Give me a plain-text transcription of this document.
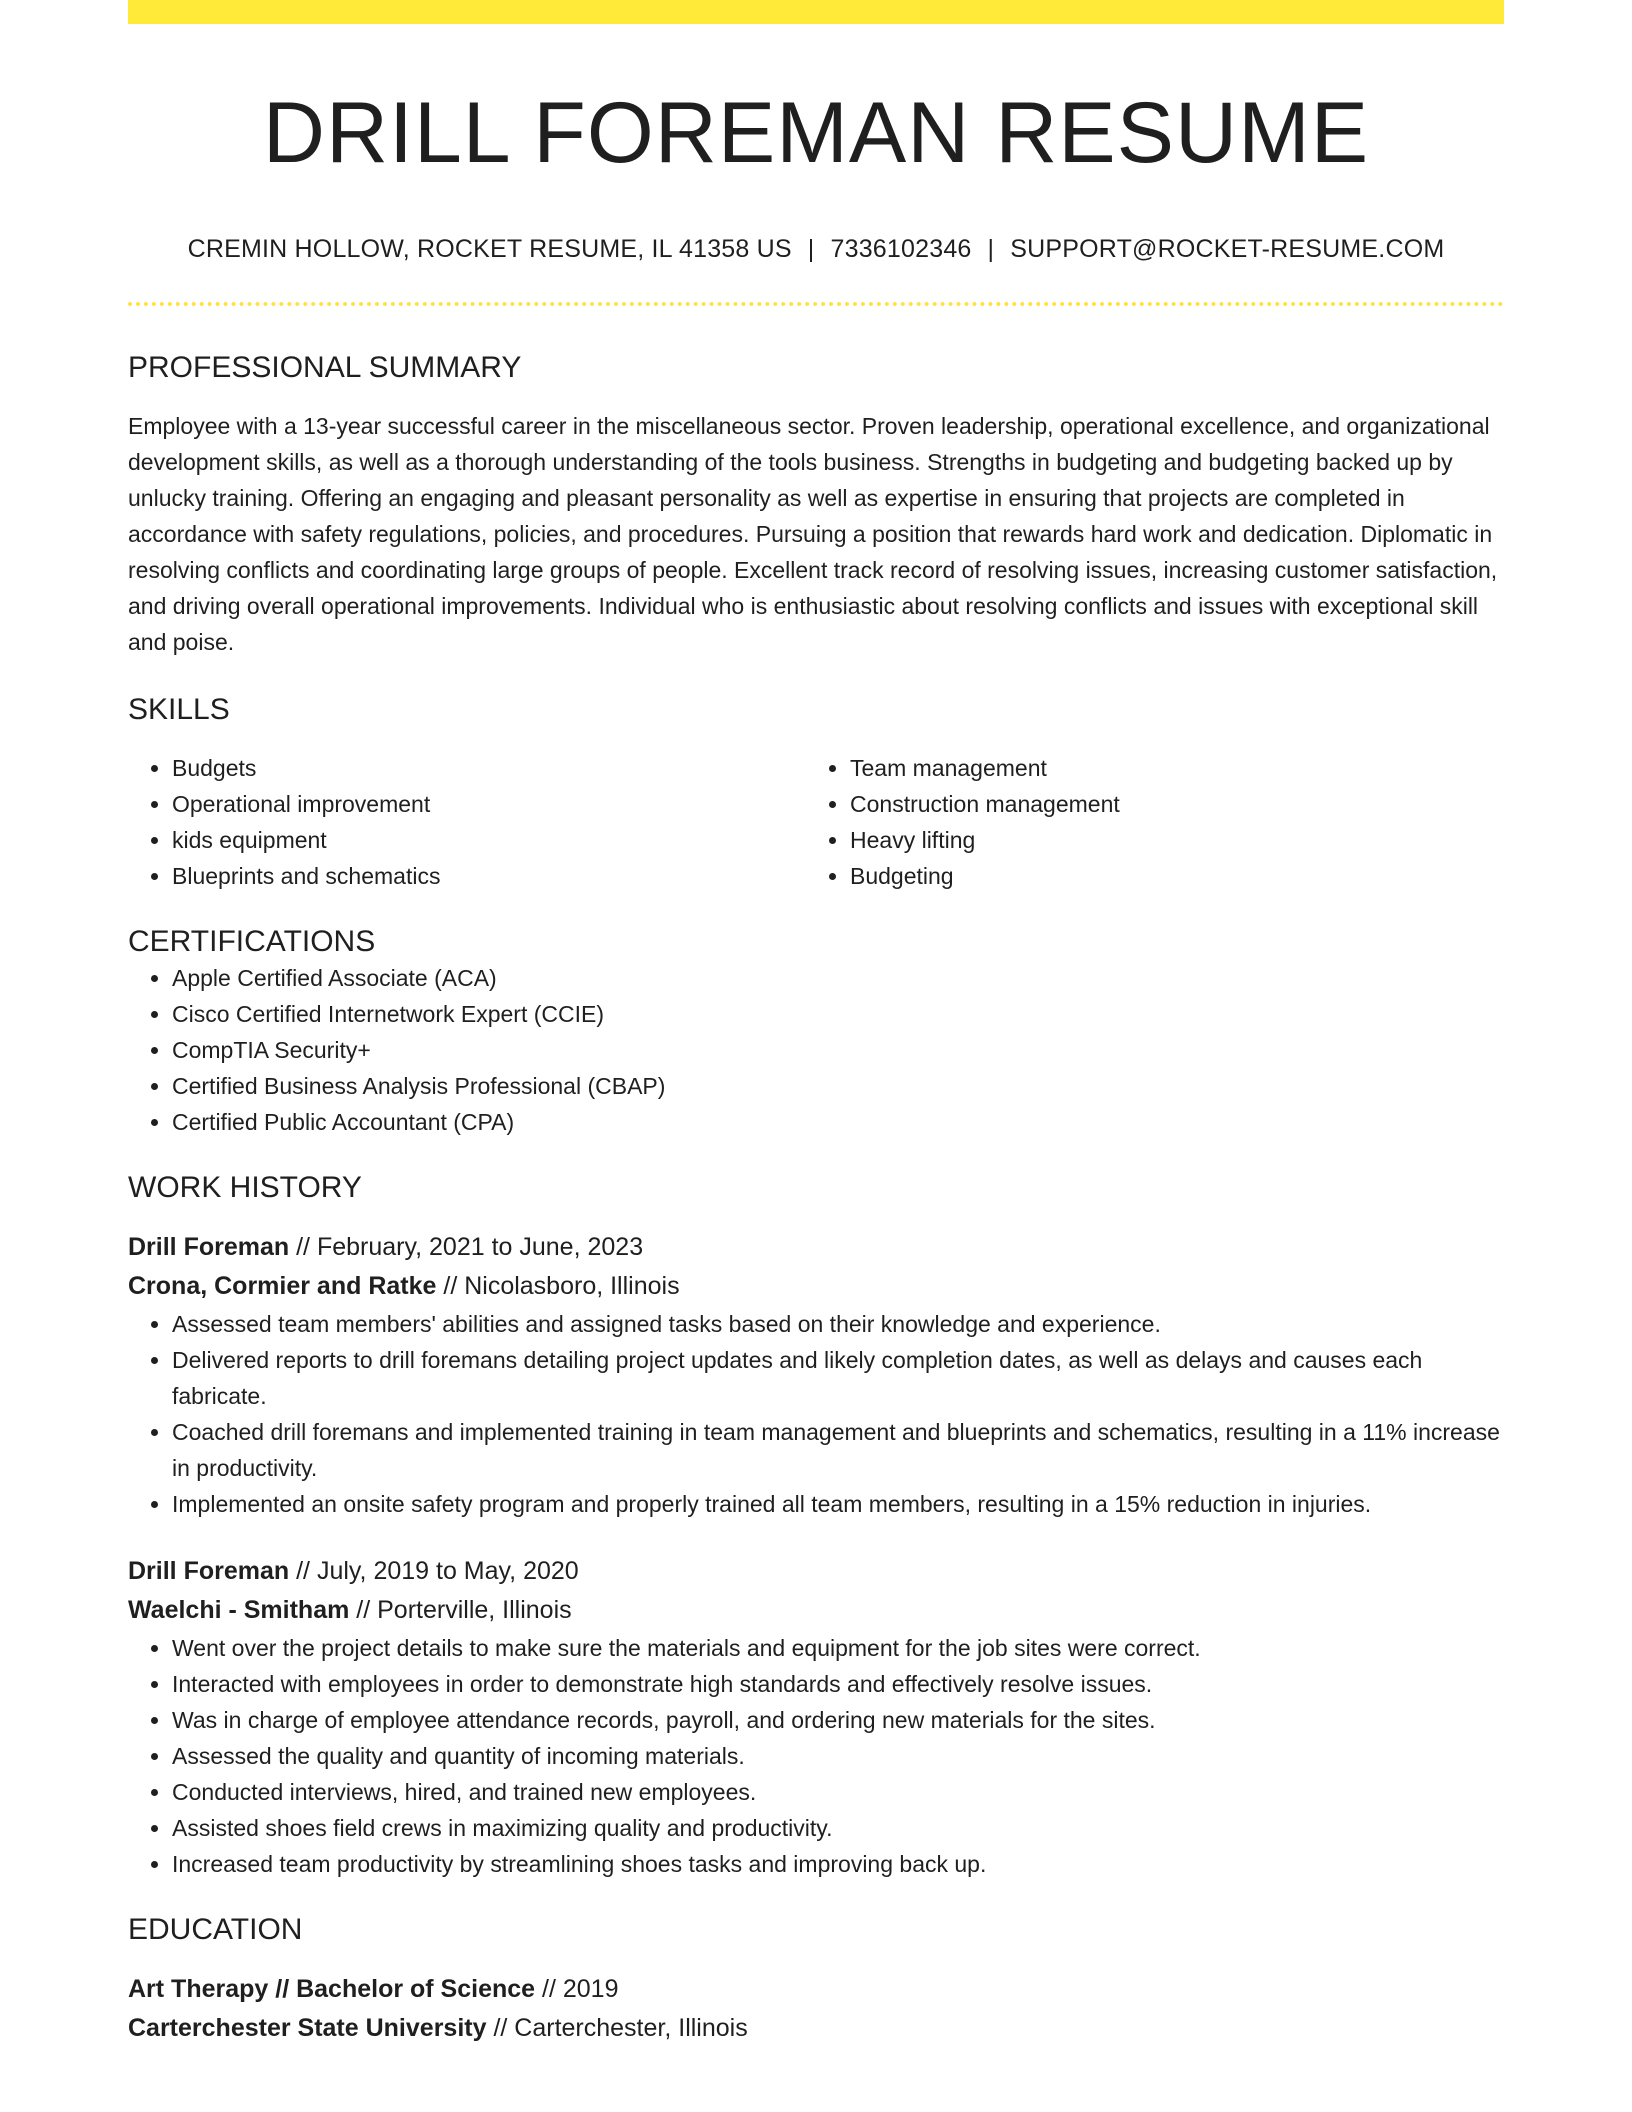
DRILL FOREMAN RESUME
CREMIN HOLLOW, ROCKET RESUME, IL 41358 US | 7336102346 | SUPPORT@ROCKET-RESUME.COM
PROFESSIONAL SUMMARY

Employee with a 13-year successful career in the miscellaneous sector. Proven leadership, operational excellence, and organizational development skills, as well as a thorough understanding of the tools business. Strengths in budgeting and budgeting backed up by unlucky training. Offering an engaging and pleasant personality as well as expertise in ensuring that projects are completed in accordance with safety regulations, policies, and procedures. Pursuing a position that rewards hard work and dedication. Diplomatic in resolving conflicts and coordinating large groups of people. Excellent track record of resolving issues, increasing customer satisfaction, and driving overall operational improvements. Individual who is enthusiastic about resolving conflicts and issues with exceptional skill and poise.

SKILLS
• Budgets
• Operational improvement
• kids equipment
• Blueprints and schematics
• Team management
• Construction management
• Heavy lifting
• Budgeting
CERTIFICATIONS
• Apple Certified Associate (ACA)
• Cisco Certified Internetwork Expert (CCIE)
• CompTIA Security+
• Certified Business Analysis Professional (CBAP)
• Certified Public Accountant (CPA)
WORK HISTORY
Drill Foreman // February, 2021 to June, 2023
Crona, Cormier and Ratke // Nicolasboro, Illinois
• Assessed team members' abilities and assigned tasks based on their knowledge and experience.
• Delivered reports to drill foremans detailing project updates and likely completion dates, as well as delays and causes each fabricate.
• Coached drill foremans and implemented training in team management and blueprints and schematics, resulting in a 11% increase in productivity.
• Implemented an onsite safety program and properly trained all team members, resulting in a 15% reduction in injuries.
Drill Foreman // July, 2019 to May, 2020
Waelchi - Smitham // Porterville, Illinois
• Went over the project details to make sure the materials and equipment for the job sites were correct.
• Interacted with employees in order to demonstrate high standards and effectively resolve issues.
• Was in charge of employee attendance records, payroll, and ordering new materials for the sites.
• Assessed the quality and quantity of incoming materials.
• Conducted interviews, hired, and trained new employees.
• Assisted shoes field crews in maximizing quality and productivity.
• Increased team productivity by streamlining shoes tasks and improving back up.
EDUCATION
Art Therapy // Bachelor of Science // 2019
Carterchester State University // Carterchester, Illinois
